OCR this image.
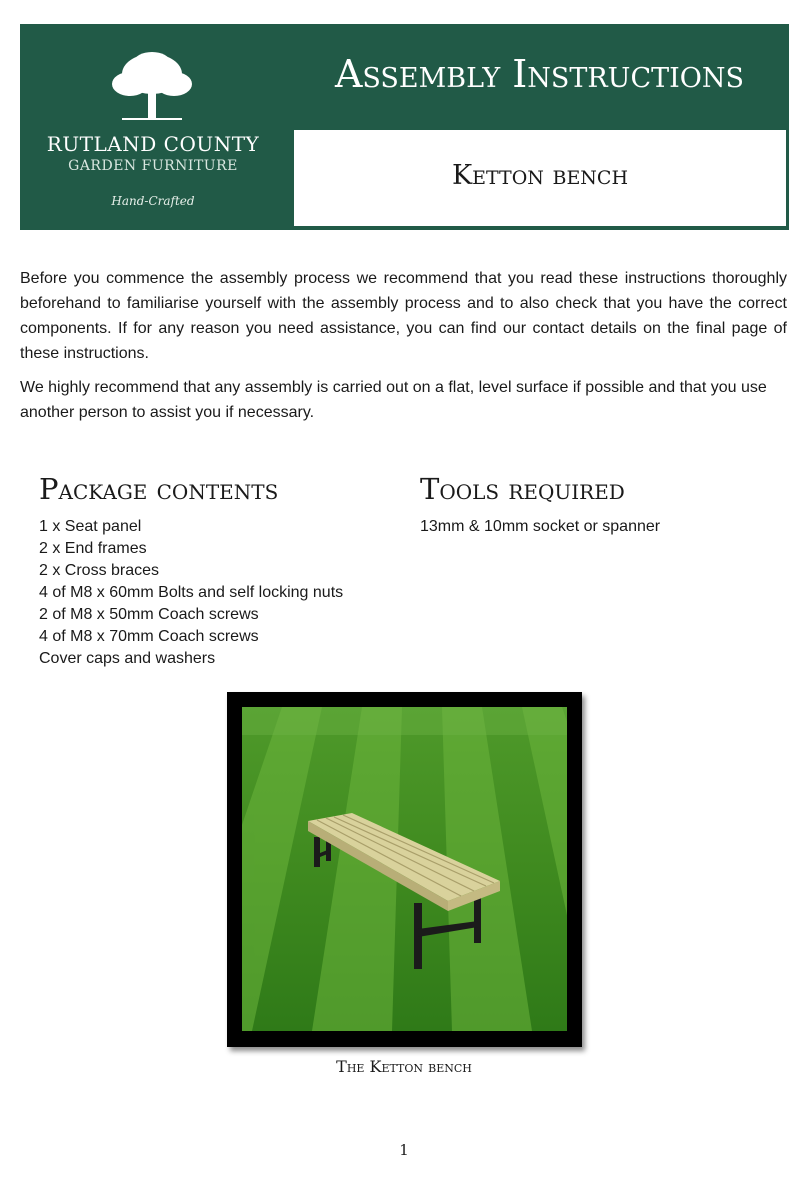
RUTLAND COUNTY
GARDEN FURNITURE
Hand-Crafted
Assembly Instructions
Ketton bench

Before you commence the assembly process we recommend that you read these instructions thoroughly beforehand to familiarise yourself with the assembly process and to also check that you have the correct components. If for any reason you need assistance, you can find our contact details on the final page of these instructions.

We highly recommend that any assembly is carried out on a flat, level surface if possible and that you use another person to assist you if necessary.

Package contents
1 x Seat panel
2 x End frames
2 x Cross braces
4 of M8 x 60mm Bolts and self locking nuts
2 of M8 x 50mm Coach screws
4 of M8 x 70mm Coach screws
Cover caps and washers
Tools required
13mm & 10mm socket or spanner
The Ketton bench
1
